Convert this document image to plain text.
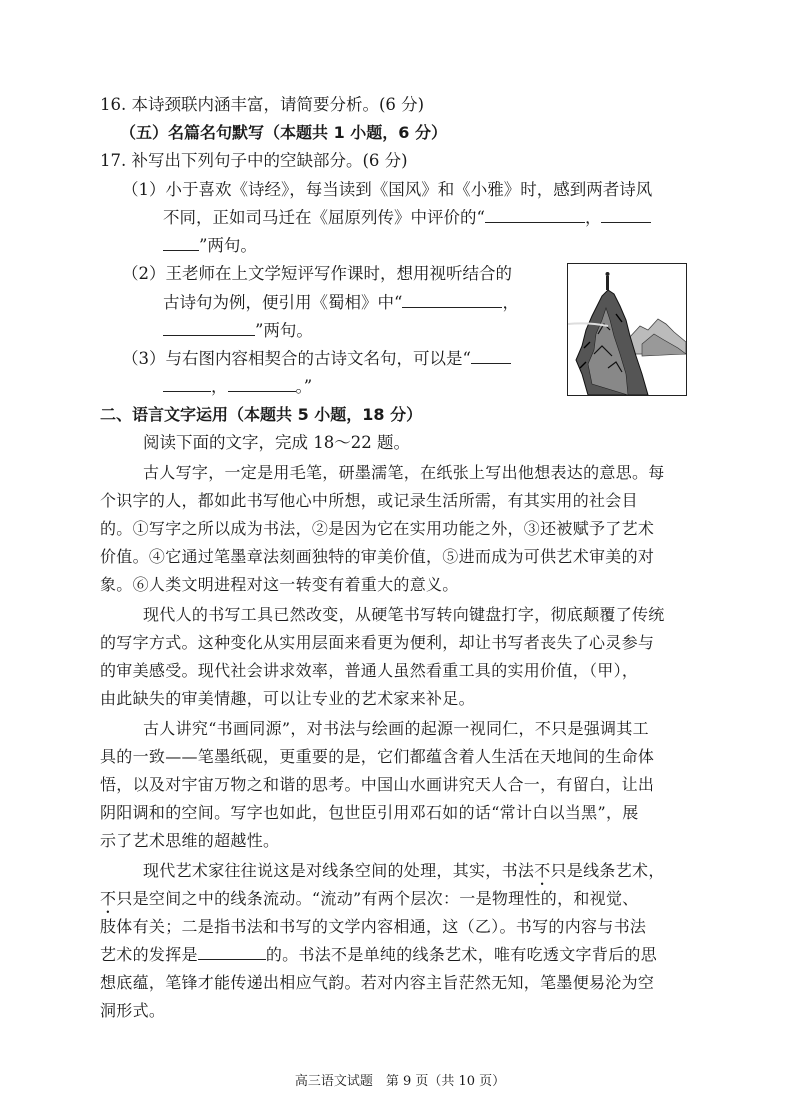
16. 本诗颈联内涵丰富，请简要分析。(6 分)
（五）名篇名句默写（本题共 1 小题，6 分）
17. 补写出下列句子中的空缺部分。(6 分)
（1）小于喜欢《诗经》，每当读到《国风》和《小雅》时，感到两者诗风
不同，正如司马迁在《屈原列传》中评价的“	，
”两句。
（2）王老师在上文学短评写作课时，想用视听结合的
古诗句为例，便引用《蜀相》中“	，
”两句。
（3）与右图内容相契合的古诗文名句，可以是“
，	。”
二、语言文字运用（本题共 5 小题，18 分）
阅读下面的文字，完成 18～22 题。
古人写字，一定是用毛笔，研墨濡笔，在纸张上写出他想表达的意思。每
个识字的人，都如此书写他心中所想，或记录生活所需，有其实用的社会目
的。①写字之所以成为书法，②是因为它在实用功能之外，③还被赋予了艺术
价值。④它通过笔墨章法刻画独特的审美价值，⑤进而成为可供艺术审美的对
象。⑥人类文明进程对这一转变有着重大的意义。
现代人的书写工具已然改变，从硬笔书写转向键盘打字，彻底颠覆了传统
的写字方式。这种变化从实用层面来看更为便利，却让书写者丧失了心灵参与
的审美感受。现代社会讲求效率，普通人虽然看重工具的实用价值，（甲），
由此缺失的审美情趣，可以让专业的艺术家来补足。
古人讲究“书画同源”，对书法与绘画的起源一视同仁，不只是强调其工
具的一致——笔墨纸砚，更重要的是，它们都蕴含着人生活在天地间的生命体
悟，以及对宇宙万物之和谐的思考。中国山水画讲究天人合一，有留白，让出
阴阳调和的空间。写字也如此，包世臣引用邓石如的话“常计白以当黑”，展
示了艺术思维的超越性。
现代艺术家往往说这是对线条空间的处理，其实，书法不只是线条艺术，
不只是空间之中的线条流动。“流动”有两个层次：一是物理性的，和视觉、
肢体有关；二是指书法和书写的文学内容相通，这（乙）。书写的内容与书法
艺术的发挥是	的。书法不是单纯的线条艺术，唯有吃透文字背后的思
想底蕴，笔锋才能传递出相应气韵。若对内容主旨茫然无知，笔墨便易沦为空
洞形式。
高三语文试题　第 9 页（共 10 页）
